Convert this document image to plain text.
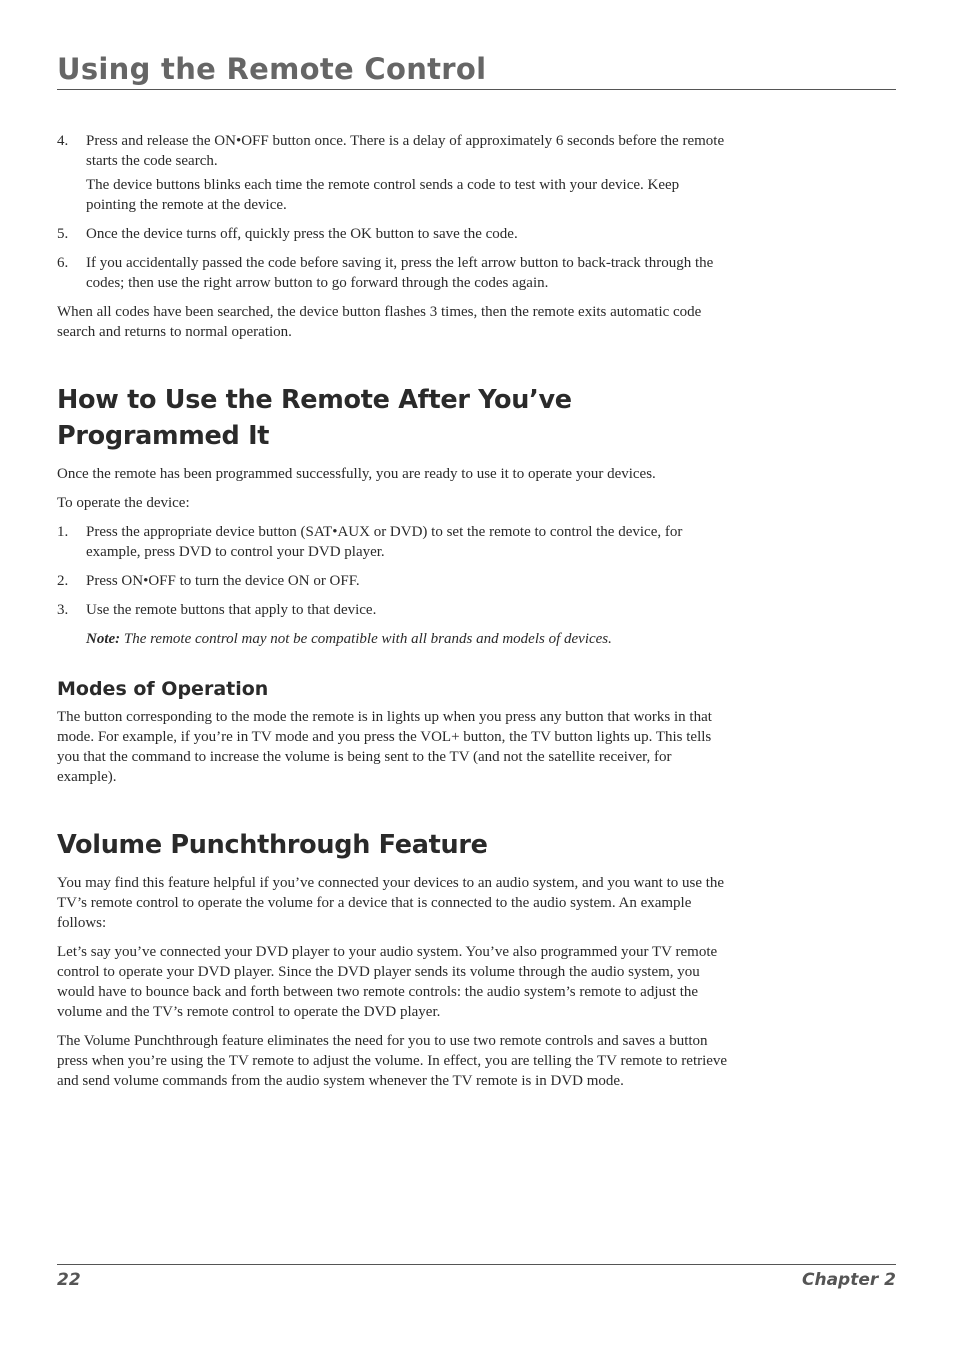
Using the Remote Control
4. Press and release the ON•OFF button once. There is a delay of approximately 6 seconds before the remote starts the code search.
The device buttons blinks each time the remote control sends a code to test with your device. Keep pointing the remote at the device.
5. Once the device turns off, quickly press the OK button to save the code.
6. If you accidentally passed the code before saving it, press the left arrow button to back-track through the codes; then use the right arrow button to go forward through the codes again.

When all codes have been searched, the device button flashes 3 times, then the remote exits automatic code search and returns to normal operation.

How to Use the Remote After You’ve
Programmed It

Once the remote has been programmed successfully, you are ready to use it to operate your devices.

To operate the device:

1. Press the appropriate device button (SAT•AUX or DVD) to set the remote to control the device, for example, press DVD to control your DVD player.
2. Press ON•OFF to turn the device ON or OFF.
3. Use the remote buttons that apply to that device.
Note: The remote control may not be compatible with all brands and models of devices.
Modes of Operation

The button corresponding to the mode the remote is in lights up when you press any button that works in that mode. For example, if you’re in TV mode and you press the VOL+ button, the TV button lights up. This tells you that the command to increase the volume is being sent to the TV (and not the satellite receiver, for example).

Volume Punchthrough Feature

You may find this feature helpful if you’ve connected your devices to an audio system, and you want to use the TV’s remote control to operate the volume for a device that is connected to the audio system. An example follows:

Let’s say you’ve connected your DVD player to your audio system. You’ve also programmed your TV remote control to operate your DVD player. Since the DVD player sends its volume through the audio system, you would have to bounce back and forth between two remote controls: the audio system’s remote to adjust the volume and the TV’s remote control to operate the DVD player.

The Volume Punchthrough feature eliminates the need for you to use two remote controls and saves a button press when you’re using the TV remote to adjust the volume. In effect, you are telling the TV remote to retrieve and send volume commands from the audio system whenever the TV remote is in DVD mode.

22	Chapter 2
